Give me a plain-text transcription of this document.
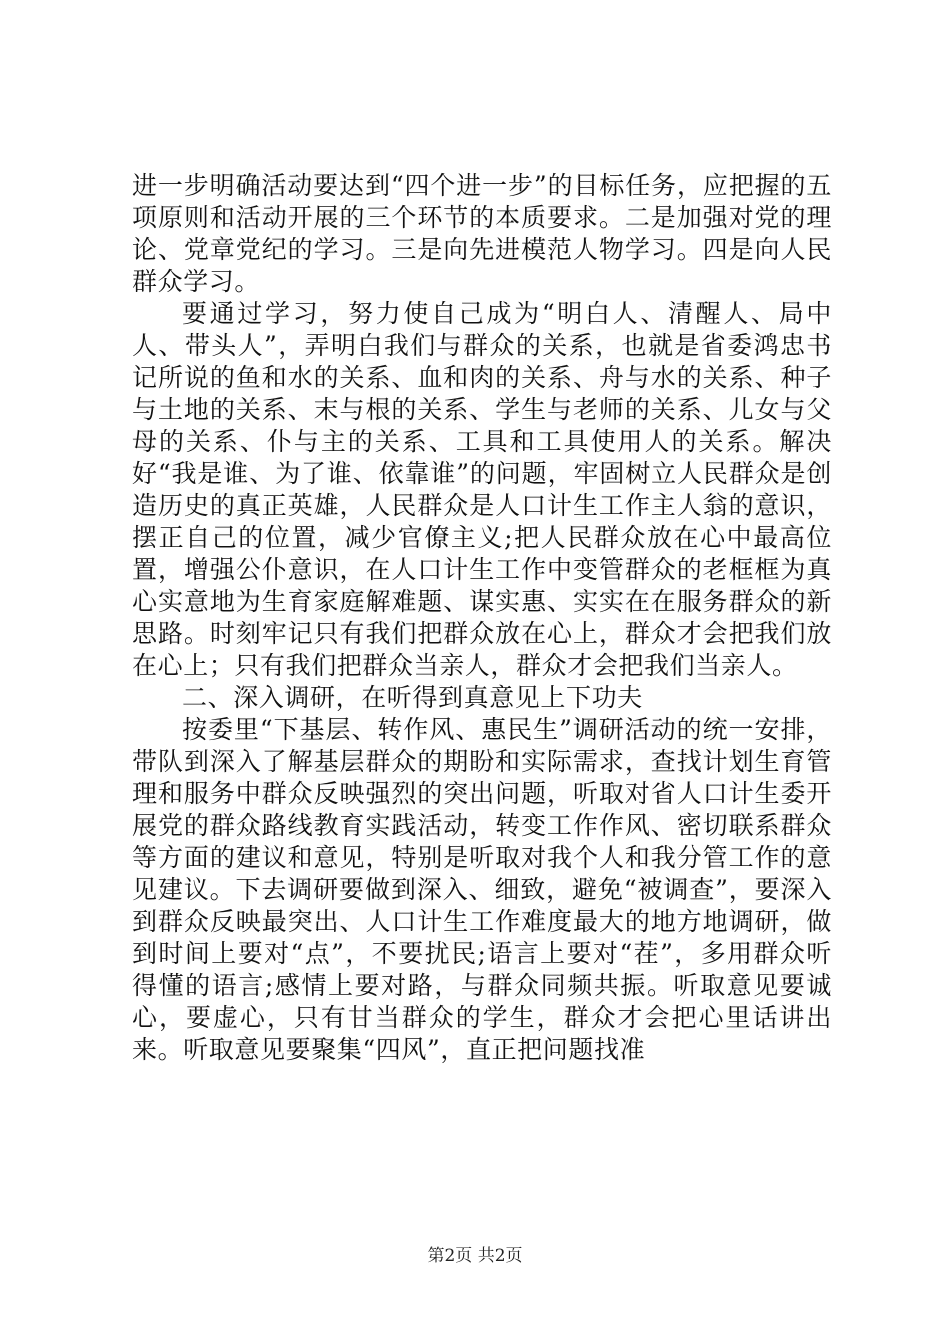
进一步明确活动要达到“四个进一步”的目标任务，应把握的五项原则和活动开展的三个环节的本质要求。二是加强对党的理论、党章党纪的学习。三是向先进模范人物学习。四是向人民群众学习。

要通过学习，努力使自己成为“明白人、清醒人、局中人、带头人”，弄明白我们与群众的关系，也就是省委鸿忠书记所说的鱼和水的关系、血和肉的关系、舟与水的关系、种子与土地的关系、末与根的关系、学生与老师的关系、儿女与父母的关系、仆与主的关系、工具和工具使用人的关系。解决好“我是谁、为了谁、依靠谁”的问题，牢固树立人民群众是创造历史的真正英雄，人民群众是人口计生工作主人翁的意识，摆正自己的位置，减少官僚主义;把人民群众放在心中最高位置，增强公仆意识，在人口计生工作中变管群众的老框框为真心实意地为生育家庭解难题、谋实惠、实实在在服务群众的新思路。时刻牢记只有我们把群众放在心上，群众才会把我们放在心上；只有我们把群众当亲人，群众才会把我们当亲人。

二、深入调研，在听得到真意见上下功夫

按委里“下基层、转作风、惠民生”调研活动的统一安排，带队到深入了解基层群众的期盼和实际需求，查找计划生育管理和服务中群众反映强烈的突出问题，听取对省人口计生委开展党的群众路线教育实践活动，转变工作作风、密切联系群众等方面的建议和意见，特别是听取对我个人和我分管工作的意见建议。下去调研要做到深入、细致，避免“被调查”，要深入到群众反映最突出、人口计生工作难度最大的地方地调研，做到时间上要对“点”，不要扰民;语言上要对“茬”，多用群众听得懂的语言;感情上要对路，与群众同频共振。听取意见要诚心，要虚心，只有甘当群众的学生，群众才会把心里话讲出来。听取意见要聚集“四风”，直正把问题找准

第2页 共2页
